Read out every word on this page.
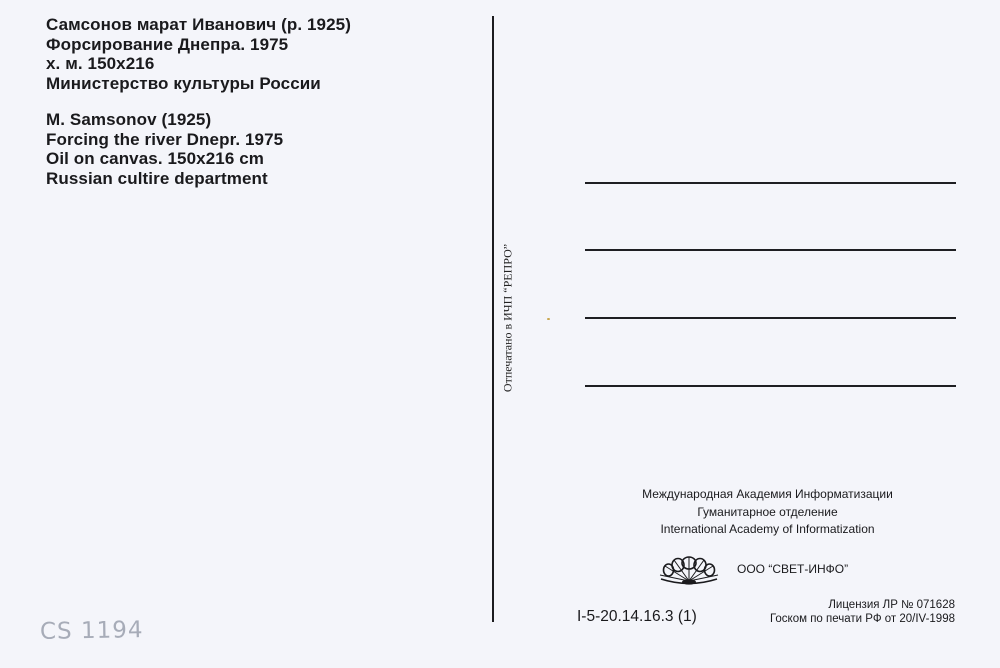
Самсонов марат Иванович (р. 1925)
Форсирование Днепра. 1975
х. м. 150х216
Министерство культуры России
M. Samsonov (1925)
Forcing the river Dnepr. 1975
Oil on canvas. 150x216 cm
Russian cultire department
Отпечатано в ИЧП “РЕПРО”
Международная Академия Информатизации
Гуманитарное отделение
International Academy of Informatization
ООО “СВЕТ-ИНФО”
I-5-20.14.16.3 (1)
Лицензия ЛР № 071628
Госком по печати РФ от 20/IV-1998
CS 1194
